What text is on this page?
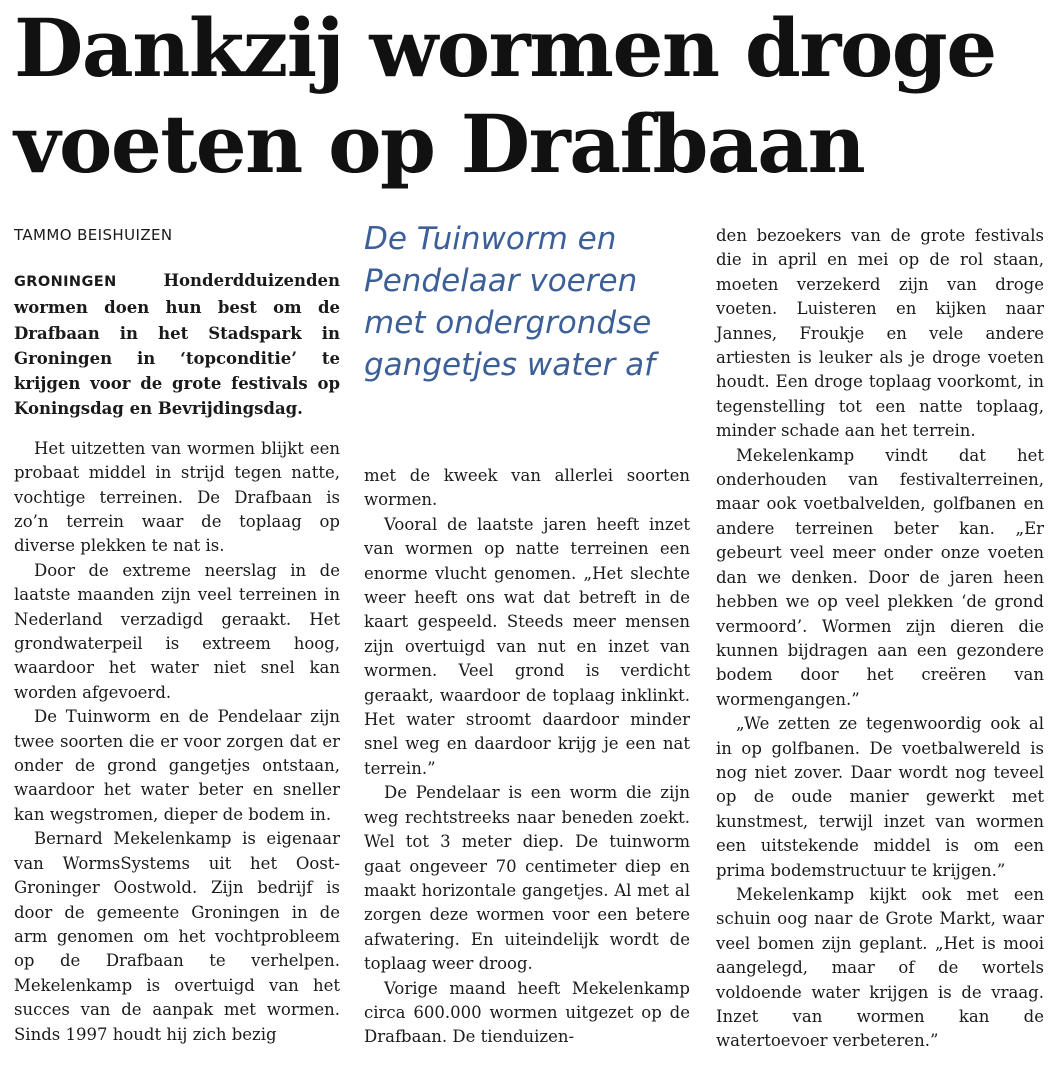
Dankzij wormen droge voeten op Drafbaan
TAMMO BEISHUIZEN

GRONINGEN	Honderdduizenden wormen doen hun best om de Drafbaan in het Stadspark in Groningen in ‘topconditie’ te krijgen voor de grote festivals op Koningsdag en Bevrijdingsdag.

Het uitzetten van wormen blijkt een probaat middel in strijd tegen natte, vochtige terreinen. De Drafbaan is zo’n terrein waar de toplaag op diverse plekken te nat is.

Door de extreme neerslag in de laatste maanden zijn veel terreinen in Nederland verzadigd geraakt. Het grondwaterpeil is extreem hoog, waardoor het water niet snel kan worden afgevoerd.

De Tuinworm en de Pendelaar zijn twee soorten die er voor zorgen dat er onder de grond gangetjes ontstaan, waardoor het water beter en sneller kan wegstromen, dieper de bodem in.

Bernard Mekelenkamp is eigenaar van WormsSystems uit het Oost-Groninger Oostwold. Zijn bedrijf is door de gemeente Groningen in de arm genomen om het vochtprobleem op de Drafbaan te verhelpen. Mekelenkamp is overtuigd van het succes van de aanpak met wormen. Sinds 1997 houdt hij zich bezig

De Tuinworm en Pendelaar voeren met ondergrondse gangetjes water af

met de kweek van allerlei soorten wormen.

Vooral de laatste jaren heeft inzet van wormen op natte terreinen een enorme vlucht genomen. „Het slechte weer heeft ons wat dat betreft in de kaart gespeeld. Steeds meer mensen zijn overtuigd van nut en inzet van wormen. Veel grond is verdicht geraakt, waardoor de toplaag inklinkt. Het water stroomt daardoor minder snel weg en daardoor krijg je een nat terrein.”

De Pendelaar is een worm die zijn weg rechtstreeks naar beneden zoekt. Wel tot 3 meter diep. De tuinworm gaat ongeveer 70 centimeter diep en maakt horizontale gangetjes. Al met al zorgen deze wormen voor een betere afwatering. En uiteindelijk wordt de toplaag weer droog.

Vorige maand heeft Mekelenkamp circa 600.000 wormen uitgezet op de Drafbaan. De tienduizen-

den bezoekers van de grote festivals die in april en mei op de rol staan, moeten verzekerd zijn van droge voeten. Luisteren en kijken naar Jannes, Froukje en vele andere artiesten is leuker als je droge voeten houdt. Een droge toplaag voorkomt, in tegenstelling tot een natte toplaag, minder schade aan het terrein.

Mekelenkamp vindt dat het onderhouden van festivalterreinen, maar ook voetbalvelden, golfbanen en andere terreinen beter kan. „Er gebeurt veel meer onder onze voeten dan we denken. Door de jaren heen hebben we op veel plekken ‘de grond vermoord’. Wormen zijn dieren die kunnen bijdragen aan een gezondere bodem door het creëren van wormengangen.”

„We zetten ze tegenwoordig ook al in op golfbanen. De voetbalwereld is nog niet zover. Daar wordt nog teveel op de oude manier gewerkt met kunstmest, terwijl inzet van wormen een uitstekende middel is om een prima bodemstructuur te krijgen.”

Mekelenkamp kijkt ook met een schuin oog naar de Grote Markt, waar veel bomen zijn geplant. „Het is mooi aangelegd, maar of de wortels voldoende water krijgen is de vraag. Inzet van wormen kan de watertoevoer verbeteren.”
